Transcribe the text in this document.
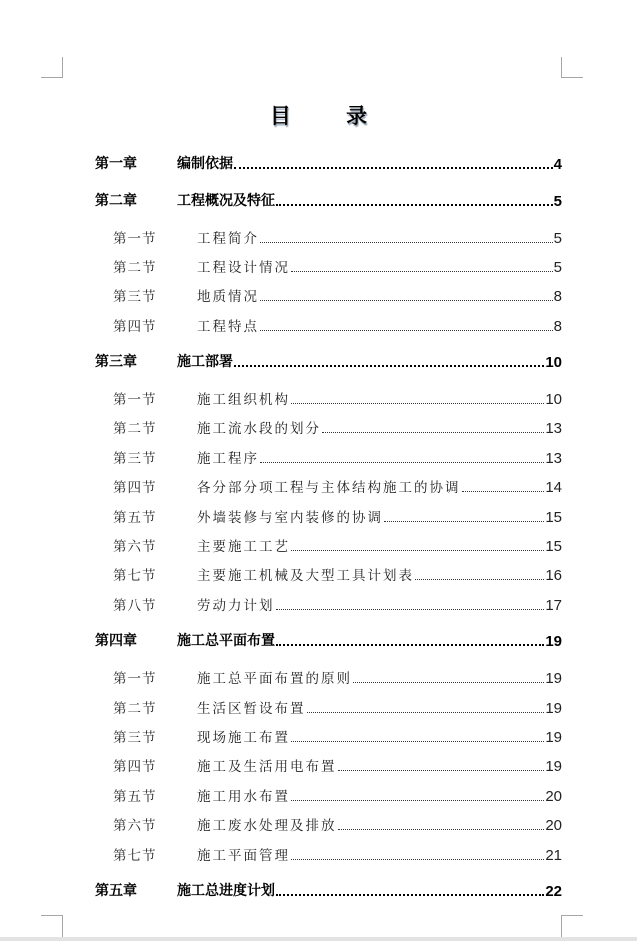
目 录
第一章	编制依据	4
第二章	工程概况及特征	5
第一节	工程简介	5
第二节	工程设计情况	5
第三节	地质情况	8
第四节	工程特点	8
第三章	施工部署	10
第一节	施工组织机构	10
第二节	施工流水段的划分	13
第三节	施工程序	13
第四节	各分部分项工程与主体结构施工的协调	14
第五节	外墙装修与室内装修的协调	15
第六节	主要施工工艺	15
第七节	主要施工机械及大型工具计划表	16
第八节	劳动力计划	17
第四章	施工总平面布置	19
第一节	施工总平面布置的原则	19
第二节	生活区暂设布置	19
第三节	现场施工布置	19
第四节	施工及生活用电布置	19
第五节	施工用水布置	20
第六节	施工废水处理及排放	20
第七节	施工平面管理	21
第五章	施工总进度计划	22
